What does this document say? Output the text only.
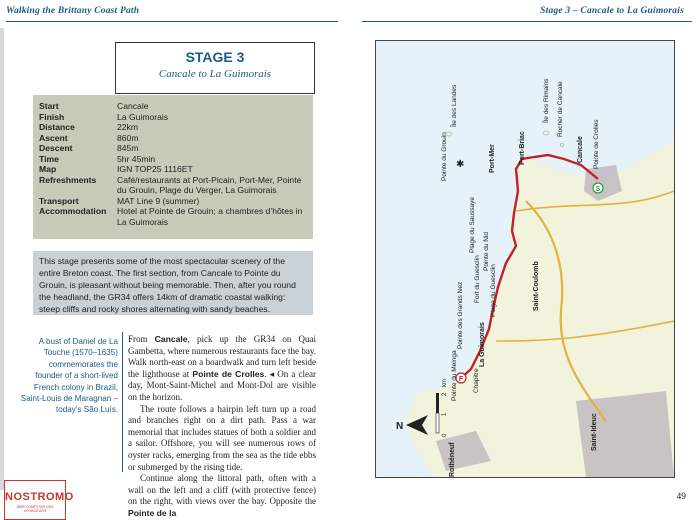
Walking the Brittany Coast Path	Stage 3 – Cancale to La Guimorais
STAGE 3
Cancale to La Guimorais
Start	Cancale
Finish	La Guimorais
Distance	22km
Ascent	860m
Descent	845m
Time	5hr 45min
Map	IGN TOP25 1116ET
Refreshments	Café/restaurants at Port-Picain, Port-Mer, Pointe du Grouin, Plage du Verger, La Guimorais
Transport	MAT Line 9 (summer)
Accommodation	Hotel at Pointe de Grouin; a chambres d’hôtes in La Guimorais
This stage presents some of the most spectacular scenery of the entire Breton coast. The first section, from Cancale to Pointe du Grouin, is pleasant without being memorable. Then, after you round the headland, the GR34 offers 14km of dramatic coastal walking: steep cliffs and rocky shores alternating with sandy beaches.
A bust of Daniel de La Touche (1570–1635) commemorates the founder of a short-lived French colony in Brazil, Saint-Louis de Maragnan – today’s São Luís.

From Cancale, pick up the GR34 on Quai Gambetta, where numerous restaurants face the bay. Walk north-east on a boardwalk and turn left beside the lighthouse at Pointe de Crolles. ◂ On a clear day, Mont-Saint-Michel and Mont-Dol are visible on the horizon.

The route follows a hairpin left turn up a road and branches right on a dirt path. Pass a war memorial that includes statues of both a soldier and a sailor. Offshore, you will see numerous rows of oyster racks, emerging from the sea as the tide ebbs or submerged by the rising tide.

Continue along the littoral path, often with a wall on the left and a cliff (with protective fence) on the right, with views over the bay. Opposite the Pointe de la

NOSTROMO
WEB COMPTOIR DES VOYAGEURS
49
S
F
✱
Île des Landes
Pointe du Grouin	Port-Mer	Port-Briac
Île des Rimains Rocher de Cancale
Cancale Pointe de Crolles
Plage du Saussaye Pointe du Nid
Fort du Guesclin Plage du Guesclin	Saint-Coulomb
Pointe des Grands Nez La Guimorais
Pointe du Meinga Chapitre
Rothéneuf
Saint-Ideuc
N
0
1
2
km
